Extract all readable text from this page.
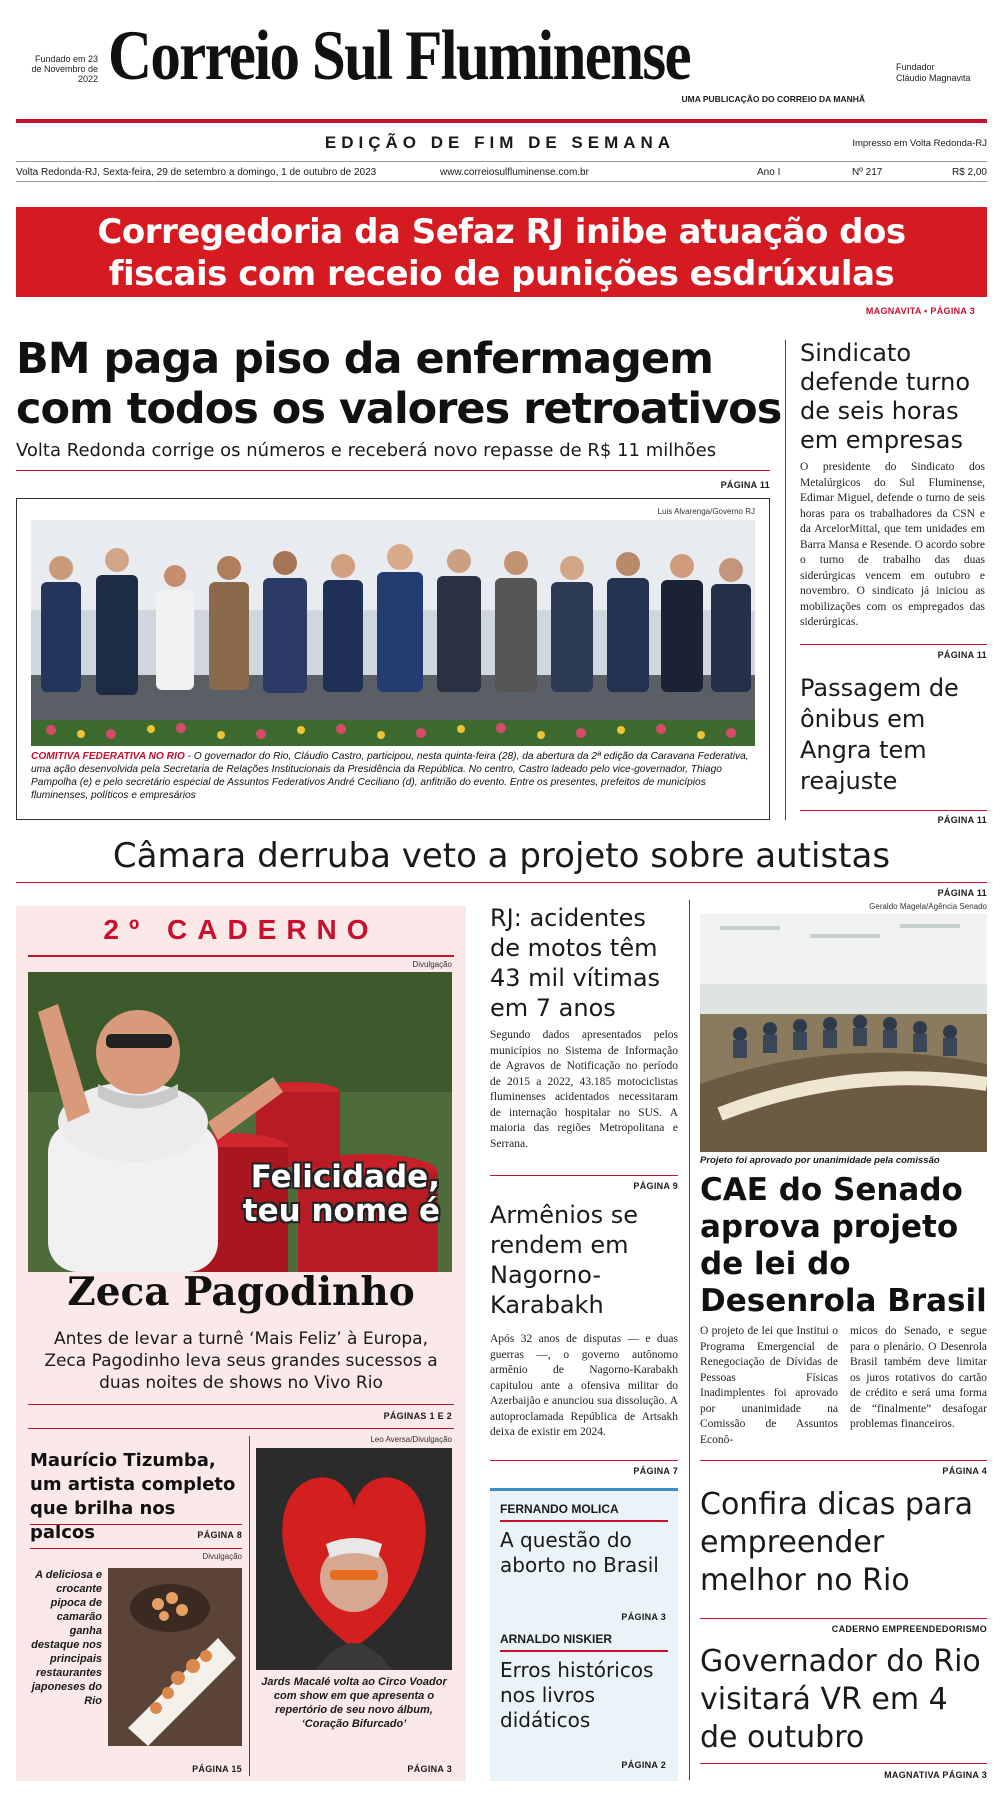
Fundado em 23 de Novembro de 2022 Correio Sul Fluminense	Fundador
Cláudio Magnavita
UMA PUBLICAÇÃO DO CORREIO DA MANHÃ
EDIÇÃO DE FIM DE SEMANA	Impresso em Volta Redonda-RJ
Volta Redonda-RJ, Sexta-feira, 29 de setembro a domingo, 1 de outubro de 2023	www.correiosulfluminense.com.br	Ano I	Nº 217	R$ 2,00
Corregedoria da Sefaz RJ inibe atuação dos
fiscais com receio de punições esdrúxulas
MAGNAVITA • PÁGINA 3
BM paga piso da enfermagem
com todos os valores retroativos
Volta Redonda corrige os números e receberá novo repasse de R$ 11 milhões
PÁGINA 11
Luis Alvarenga/Governo RJ
COMITIVA FEDERATIVA NO RIO - O governador do Rio, Cláudio Castro, participou, nesta quinta-feira (28), da abertura da 2ª edição da Caravana Federativa, uma ação desenvolvida pela Secretaria de Relações Institucionais da Presidência da República. No centro, Castro ladeado pelo vice-governador, Thiago Pampolha (e) e pelo secretário especial de Assuntos Federativos André Ceciliano (d), anfitrião do evento. Entre os presentes, prefeitos de municípios fluminenses, políticos e empresários
Sindicato defende turno de seis horas em empresas
O presidente do Sindicato dos Metalúrgicos do Sul Fluminense, Edimar Miguel, defende o turno de seis horas para os trabalhadores da CSN e da ArcelorMittal, que tem unidades em Barra Mansa e Resende. O acordo sobre o turno de trabalho das duas siderúrgicas vencem em outubro e novembro. O sindicato já iniciou as mobilizações com os empregados das siderúrgicas.
PÁGINA 11
Passagem de ônibus em Angra tem reajuste
PÁGINA 11
Câmara derruba veto a projeto sobre autistas
PÁGINA 11
2º CADERNO
Divulgação
Felicidade,
teu nome é
Zeca Pagodinho
Antes de levar a turnê ‘Mais Feliz’ à Europa, Zeca Pagodinho leva seus grandes sucessos a duas noites de shows no Vivo Rio
PÁGINAS 1 E 2
Maurício Tizumba, um artista completo que brilha nos palcos	PÁGINA 8
Divulgação
A deliciosa e crocante pipoca de camarão ganha destaque nos principais restaurantes japoneses do Rio
PÁGINA 15
Leo Aversa/Divulgação
Jards Macalé volta ao Circo Voador com show em que apresenta o repertório de seu novo álbum, ‘Coração Bifurcado’
PÁGINA 3
RJ: acidentes de motos têm 43 mil vítimas em 7 anos
Segundo dados apresentados pelos municípios no Sistema de Informação de Agravos de Notificação no período de 2015 a 2022, 43.185 motociclistas fluminenses acidentados necessitaram de internação hospitalar no SUS. A maioria das regiões Metropolitana e Serrana.
PÁGINA 9
Armênios se rendem em Nagorno-Karabakh
Após 32 anos de disputas — e duas guerras —, o governo autônomo armênio de Nagorno-Karabakh capitulou ante a ofensiva militar do Azerbaijão e anunciou sua dissolução. A autoproclamada República de Artsakh deixa de existir em 2024.
PÁGINA 7
FERNANDO MOLICA
A questão do aborto no Brasil
PÁGINA 3
ARNALDO NISKIER
Erros históricos nos livros didáticos
PÁGINA 2
Geraldo Magela/Agência Senado
Projeto foi aprovado por unanimidade pela comissão
CAE do Senado aprova projeto de lei do Desenrola Brasil
O projeto de lei que Institui o Programa Emergencial de Renegociação de Dívidas de Pessoas Físicas Inadimplentes foi aprovado por unanimidade na Comissão de Assuntos Econô-
micos do Senado, e segue para o plenário. O Desenrola Brasil também deve limitar os juros rotativos do cartão de crédito e será uma forma de “finalmente” desafogar problemas financeiros.
PÁGINA 4
Confira dicas para empreender melhor no Rio
CADERNO EMPREENDEDORISMO
Governador do Rio visitará VR em 4 de outubro
MAGNATIVA PÁGINA 3
